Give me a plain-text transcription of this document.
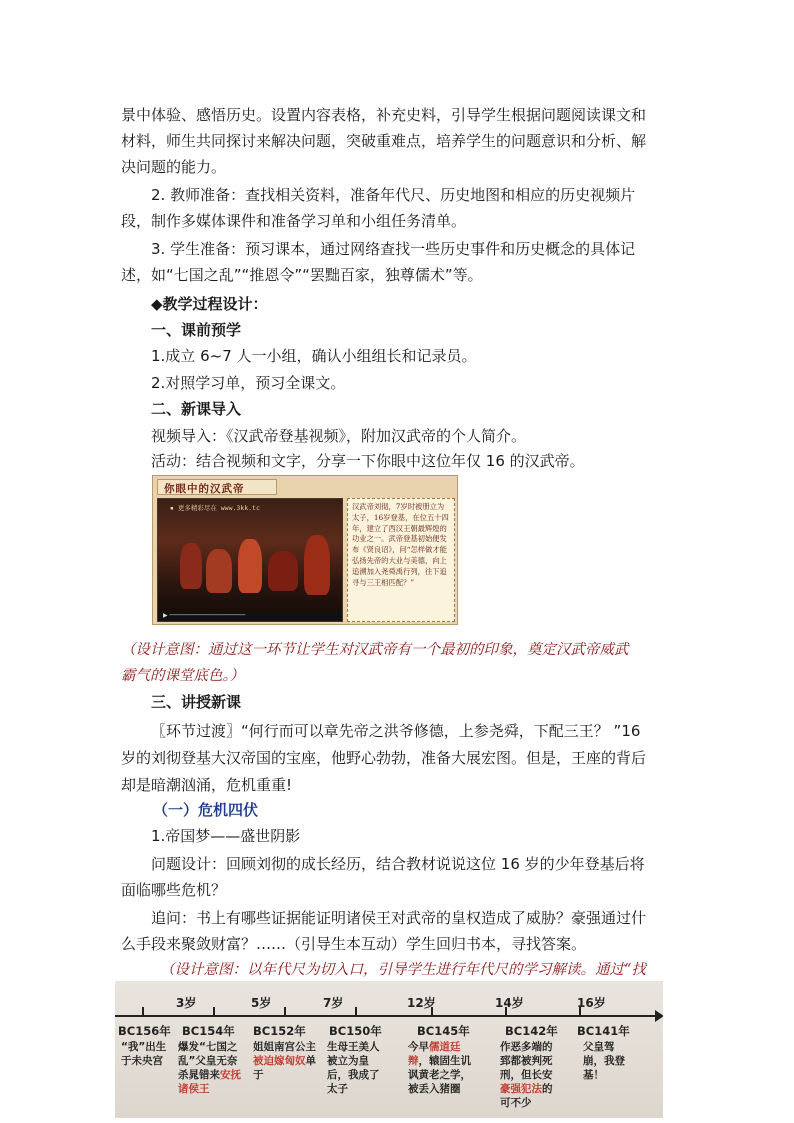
景中体验、感悟历史。设置内容表格，补充史料，引导学生根据问题阅读课文和
材料，师生共同探讨来解决问题，突破重难点，培养学生的问题意识和分析、解
决问题的能力。
2. 教师准备：查找相关资料，准备年代尺、历史地图和相应的历史视频片
段，制作多媒体课件和准备学习单和小组任务清单。
3. 学生准备：预习课本，通过网络查找一些历史事件和历史概念的具体记
述，如“七国之乱”“推恩令”“罢黜百家，独尊儒术”等。
◆教学过程设计：
一、课前预学
1.成立 6~7 人一小组，确认小组组长和记录员。
2.对照学习单，预习全课文。
二、新课导入
视频导入：《汉武帝登基视频》，附加汉武帝的个人简介。
活动：结合视频和文字，分享一下你眼中这位年仅 16 的汉武帝。
你眼中的汉武帝
▪ 更多精彩尽在 www.3kk.tc
▶ ─────────────────────

汉武帝刘彻，7岁时被册立为太子，16岁登基，在位五十四年，建立了西汉王朝最辉煌的功业之一。武帝登基初始便发布《贤良诏》，问“怎样做才能弘扬先帝的大业与美德，向上追溯加入尧舜禹行列，往下追寻与三王相匹配？”

（设计意图：通过这一环节让学生对汉武帝有一个最初的印象，奠定汉武帝威武
霸气的课堂底色。）
三、讲授新课
〖环节过渡〗“何行而可以章先帝之洪爷修德，上参尧舜，下配三王？ ”16
岁的刘彻登基大汉帝国的宝座，他野心勃勃，准备大展宏图。但是，王座的背后
却是暗潮汹涌，危机重重!
（一）危机四伏
1.帝国梦——盛世阴影
问题设计：回顾刘彻的成长经历，结合教材说说这位 16 岁的少年登基后将
面临哪些危机？
追问：书上有哪些证据能证明诸侯王对武帝的皇权造成了威胁？豪强通过什
么手段来聚敛财富？……（引导生本互动）学生回归书本，寻找答案。
（设计意图：以年代尺为切入口，引导学生进行年代尺的学习解读。通过“找
3岁	5岁	7岁	12岁	14岁	16岁
BC156年
“我”出生于未央宫
BC154年
爆发“七国之乱”父皇无奈杀晁错来安抚诸侯王
BC152年
姐姐南宫公主被迫嫁匈奴单于
BC150年
生母王美人被立为皇后，我成了太子
BC145年
今早儒道廷辩，辕固生讥讽黄老之学，被丢入猪圈
BC142年
作恶多端的郅都被判死刑，但长安豪强犯法的可不少
BC141年
父皇驾崩，我登基！
